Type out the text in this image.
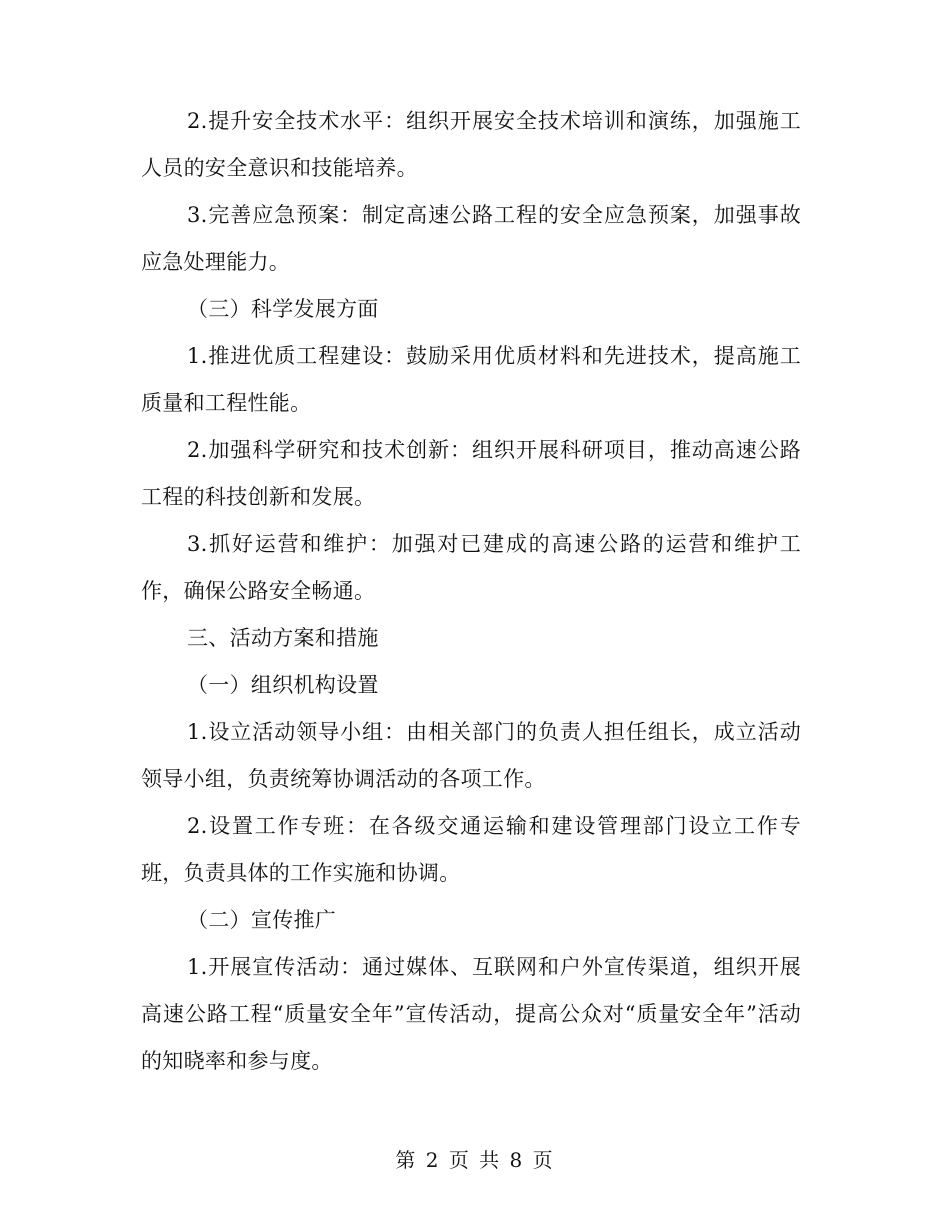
2.提升安全技术水平：组织开展安全技术培训和演练，加强施工人员的安全意识和技能培养。

3.完善应急预案：制定高速公路工程的安全应急预案，加强事故应急处理能力。

（三）科学发展方面

1.推进优质工程建设：鼓励采用优质材料和先进技术，提高施工质量和工程性能。

2.加强科学研究和技术创新：组织开展科研项目，推动高速公路工程的科技创新和发展。

3.抓好运营和维护：加强对已建成的高速公路的运营和维护工作，确保公路安全畅通。

三、活动方案和措施

（一）组织机构设置

1.设立活动领导小组：由相关部门的负责人担任组长，成立活动领导小组，负责统筹协调活动的各项工作。

2.设置工作专班：在各级交通运输和建设管理部门设立工作专班，负责具体的工作实施和协调。

（二）宣传推广

1.开展宣传活动：通过媒体、互联网和户外宣传渠道，组织开展高速公路工程“质量安全年”宣传活动，提高公众对“质量安全年”活动的知晓率和参与度。

第 2 页 共 8 页
